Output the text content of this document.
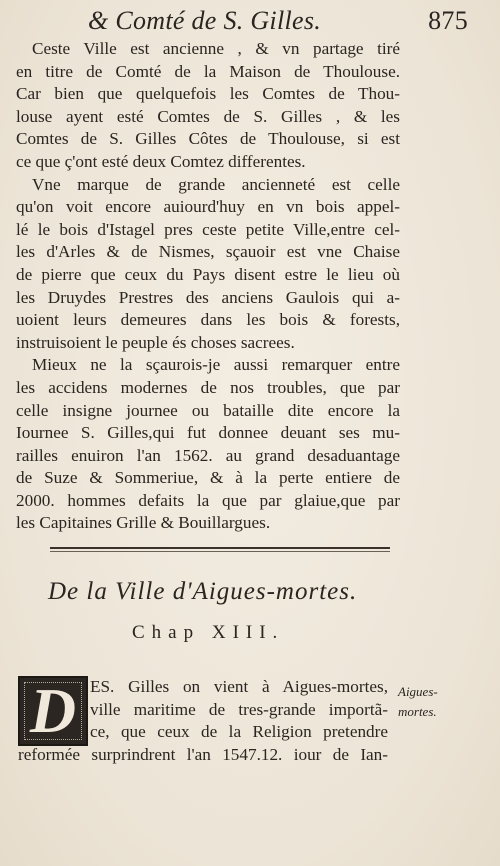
& Comté de S. Gilles.	875
Ceste Ville est ancienne , & vn partage tiré
en titre de Comté de la Maison de Thoulouse.
Car bien que quelquefois les Comtes de Thou-
louse ayent esté Comtes de S. Gilles , & les
Comtes de S. Gilles Côtes de Thoulouse, si est
ce que ç'ont esté deux Comtez differentes.
Vne marque de grande ancienneté est celle
qu'on voit encore auiourd'huy en vn bois appel-
lé le bois d'Istagel pres ceste petite Ville,entre cel-
les d'Arles & de Nismes, sçauoir est vne Chaise
de pierre que ceux du Pays disent estre le lieu où
les Druydes Prestres des anciens Gaulois qui a-
uoient leurs demeures dans les bois & forests,
instruisoient le peuple és choses sacrees.
Mieux ne la sçaurois-je aussi remarquer entre
les accidens modernes de nos troubles, que par
celle insigne journee ou bataille dite encore la
Iournee S. Gilles,qui fut donnee deuant ses mu-
railles enuiron l'an 1562. au grand desaduantage
de Suze & Sommeriue, & à la perte entiere de
2000. hommes defaits la que par glaiue,que par
les Capitaines Grille & Bouillargues.
De la Ville d'Aigues-mortes.
Chap XIII.
D ES. Gilles on vient à Aigues-mortes,
ville maritime de tres-grande importã-
ce, que ceux de la Religion pretendre
reformée surprindrent l'an 1547.12. iour de Ian-
Aigues-
mortes.
